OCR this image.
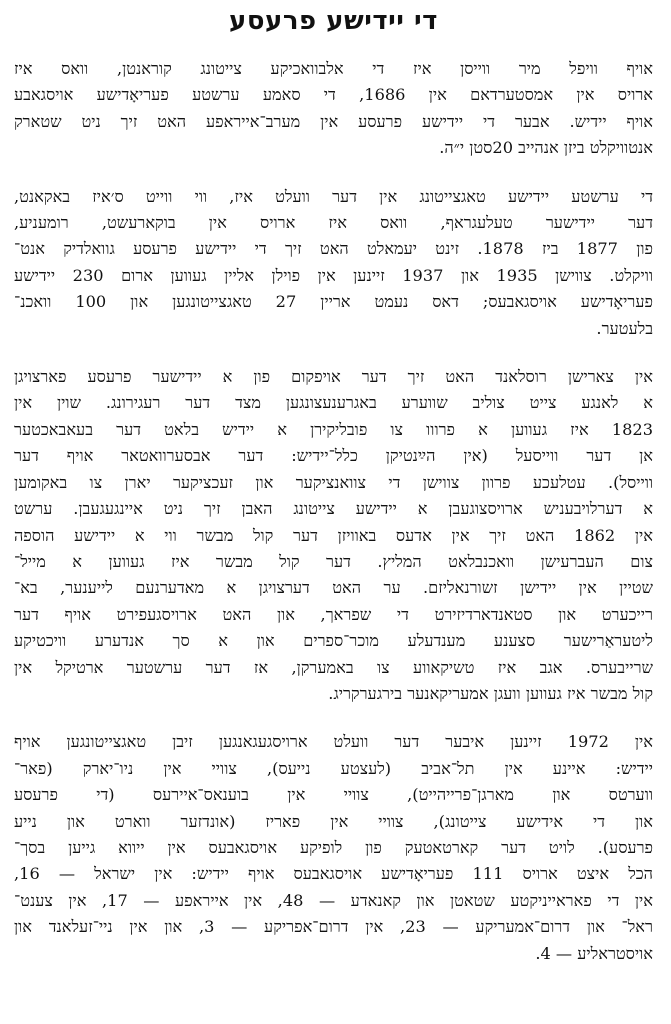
די יידישע פרעסע

אויף וויפל מיר ווייסן איז די אלבוואכיקע צייטונג קוראנטן, וואס איז
ארויס אין אמסטערדאם אין 1686, די סאמע ערשטע פעריאָדישע אויסגאבע
אויף יידיש. אבער די יידישע פרעסע אין מערב־אייראפע האט זיך ניט שטארק
אנטוויקלט ביזן אנהייב 20סטן י״ה.

די ערשטע יידישע טאגצייטונג אין דער וועלט איז, ווי ווייט ס׳איז באקאנט,
דער יידישער טעלעגראף, וואס איז ארויס אין בוקארעשט, רומעניע,
פון 1877 ביז 1878. זינט יעמאלט האט זיך די יידישע פרעסע גוואלדיק אנט־
וויקלט. צווישן 1935 און 1937 זיינען אין פוילן אליין געווען ארום 230 יידישע
פעריאָדישע אויסגאבעס; דאס נעמט אריין 27 טאגצייטונגען און 100 וואכנ־
בלעטער.

אין צארישן רוסלאנד האט זיך דער אויפקום פון א יידישער פרעסע פארצויגן
א לאנגע צייט צוליב שווערע באגרענעצונגען מצד דער רעגירונג. שוין אין
1823 איז געווען א פרווו צו פובליקירן א יידיש בלאט דער בעאבאכטער
אן דער ווייסעל (אין הײַנטיקן כלל־יידיש: דער אבסערוואטאר אויף דער
ווייסל). עטלעכע פרוון צווישן די צוואנציקער און זעכציקער יארן צו באקומען
א דערלויבעניש ארויסצוגעבן א יידישע צייטונג האבן זיך ניט איינגעגעבן. ערשט
אין 1862 האט זיך אין אדעס באוויזן דער קול מבשר ווי א יידישע הוספה
צום העברעישן וואכנבלאט המליץ. דער קול מבשר איז געווען א מייל־
שטיין אין יידישן זשורנאליזם. ער האט דערצויגן א מאדערנעם לייענער, בא־
רייכערט און סטאנדארדיזירט די שפראך, און האט ארויסגעפירט אויף דער
ליטעראַרישער סצענע מענדעלע מוכר־ספרים און א סך אנדערע וויכטיקע
שרייבערס. אגב איז טשיקאווע צו באמערקן, אז דער ערשטער ארטיקל אין
קול מבשר איז געווען וועגן אמעריקאנער בירגערקריג.

אין 1972 זיינען איבער דער וועלט ארויסגעגאנגען זיבן טאגצייטונגען אויף
יידיש: איינע אין תל־אביב (לעצטע נייעס), צוויי אין ניו־יארק (פאר־
ווערטס און מארגן־פרייהייט), צוויי אין בוענאס־איירעס (די פרעסע
און די אידישע צייטונג), צוויי אין פאריז (אונדזער ווארט און נייע
פרעסע). לויט דער קארטאטעק פון לופיקע אויסגאבעס אין ייווא גייען בסך־
הכל איצט ארויס 111 פעריאָדישע אויסגאבעס אויף יידיש: אין ישראל — 16,
אין די פאראייניקטע שטאטן און קאנאדע — 48, אין אייראפע — 17, אין צענט־
ראל־ און דרום־אמעריקע — 23, אין דרום־אפריקע — 3, און אין ניי־זעלאנד און
אויסטראליע — 4.
